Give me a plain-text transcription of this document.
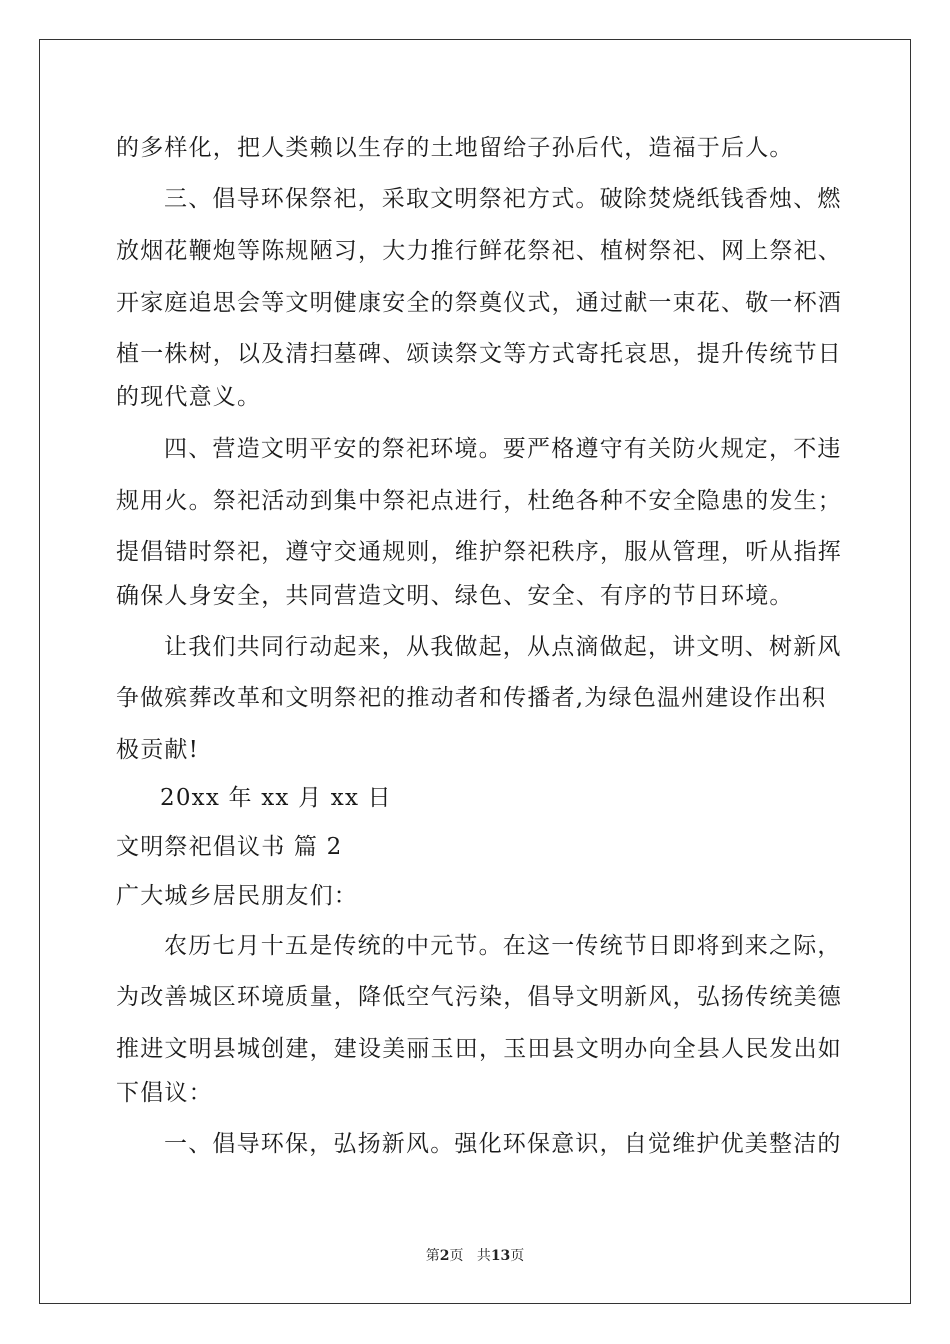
的多样化，把人类赖以生存的土地留给子孙后代，造福于后人。
三、倡导环保祭祀，采取文明祭祀方式。破除焚烧纸钱香烛、燃
放烟花鞭炮等陈规陋习，大力推行鲜花祭祀、植树祭祀、网上祭祀、
开家庭追思会等文明健康安全的祭奠仪式，通过献一束花、敬一杯酒
植一株树，以及清扫墓碑、颂读祭文等方式寄托哀思，提升传统节日
的现代意义。
四、营造文明平安的祭祀环境。要严格遵守有关防火规定，不违
规用火。祭祀活动到集中祭祀点进行，杜绝各种不安全隐患的发生；
提倡错时祭祀，遵守交通规则，维护祭祀秩序，服从管理，听从指挥
确保人身安全，共同营造文明、绿色、安全、有序的节日环境。
让我们共同行动起来，从我做起，从点滴做起，讲文明、树新风
争做殡葬改革和文明祭祀的推动者和传播者,为绿色温州建设作出积
极贡献!
20xx 年 xx 月 xx 日
文明祭祀倡议书 篇 2
广大城乡居民朋友们：
农历七月十五是传统的中元节。在这一传统节日即将到来之际，
为改善城区环境质量，降低空气污染，倡导文明新风，弘扬传统美德
推进文明县城创建，建设美丽玉田，玉田县文明办向全县人民发出如
下倡议：
一、倡导环保，弘扬新风。强化环保意识，自觉维护优美整洁的
第2页 共13页
